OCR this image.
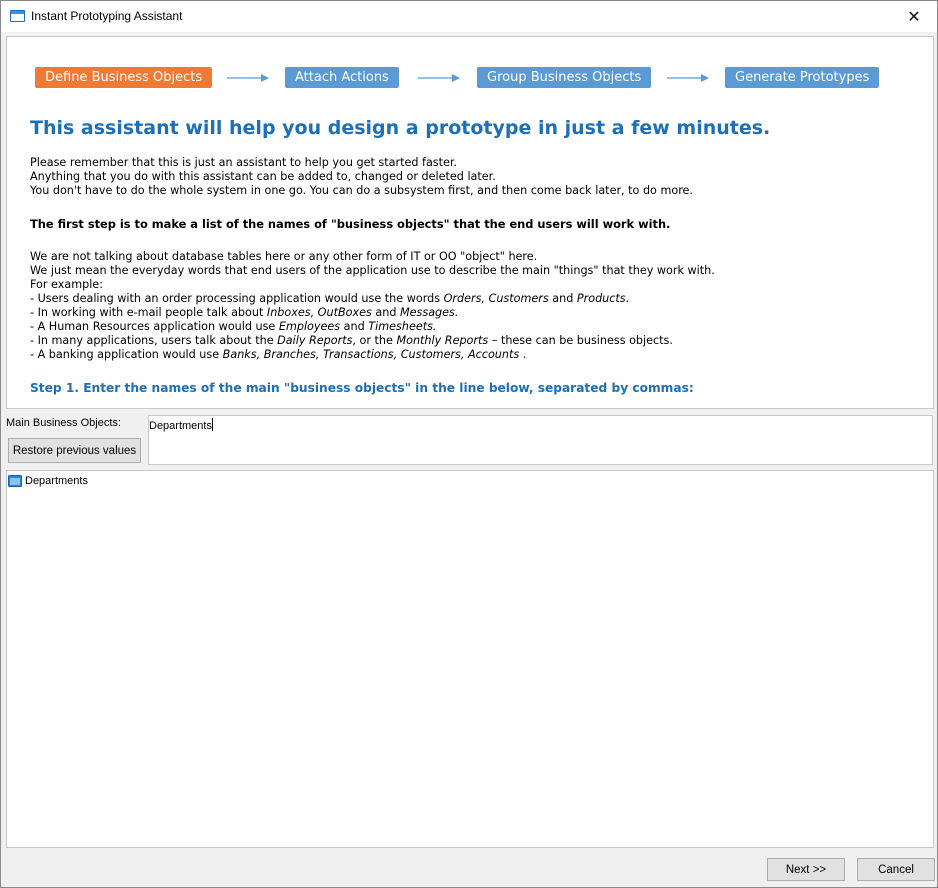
Instant Prototyping Assistant	✕
Define Business Objects	Attach Actions	Group Business Objects	Generate Prototypes
This assistant will help you design a prototype in just a few minutes.
Please remember that this is just an assistant to help you get started faster.
Anything that you do with this assistant can be added to, changed or deleted later.
You don't have to do the whole system in one go. You can do a subsystem first, and then come back later, to do more.
The first step is to make a list of the names of "business objects" that the end users will work with.
We are not talking about database tables here or any other form of IT or OO "object" here.
We just mean the everyday words that end users of the application use to describe the main "things" that they work with.
For example:
- Users dealing with an order processing application would use the words Orders, Customers and Products.
- In working with e-mail people talk about Inboxes, OutBoxes and Messages.
- A Human Resources application would use Employees and Timesheets.
- In many applications, users talk about the Daily Reports, or the Monthly Reports – these can be business objects.
- A banking application would use Banks, Branches, Transactions, Customers, Accounts .
Step 1. Enter the names of the main "business objects" in the line below, separated by commas:
Main Business Objects:
Restore previous values
Departments
Departments
Next >>	Cancel
